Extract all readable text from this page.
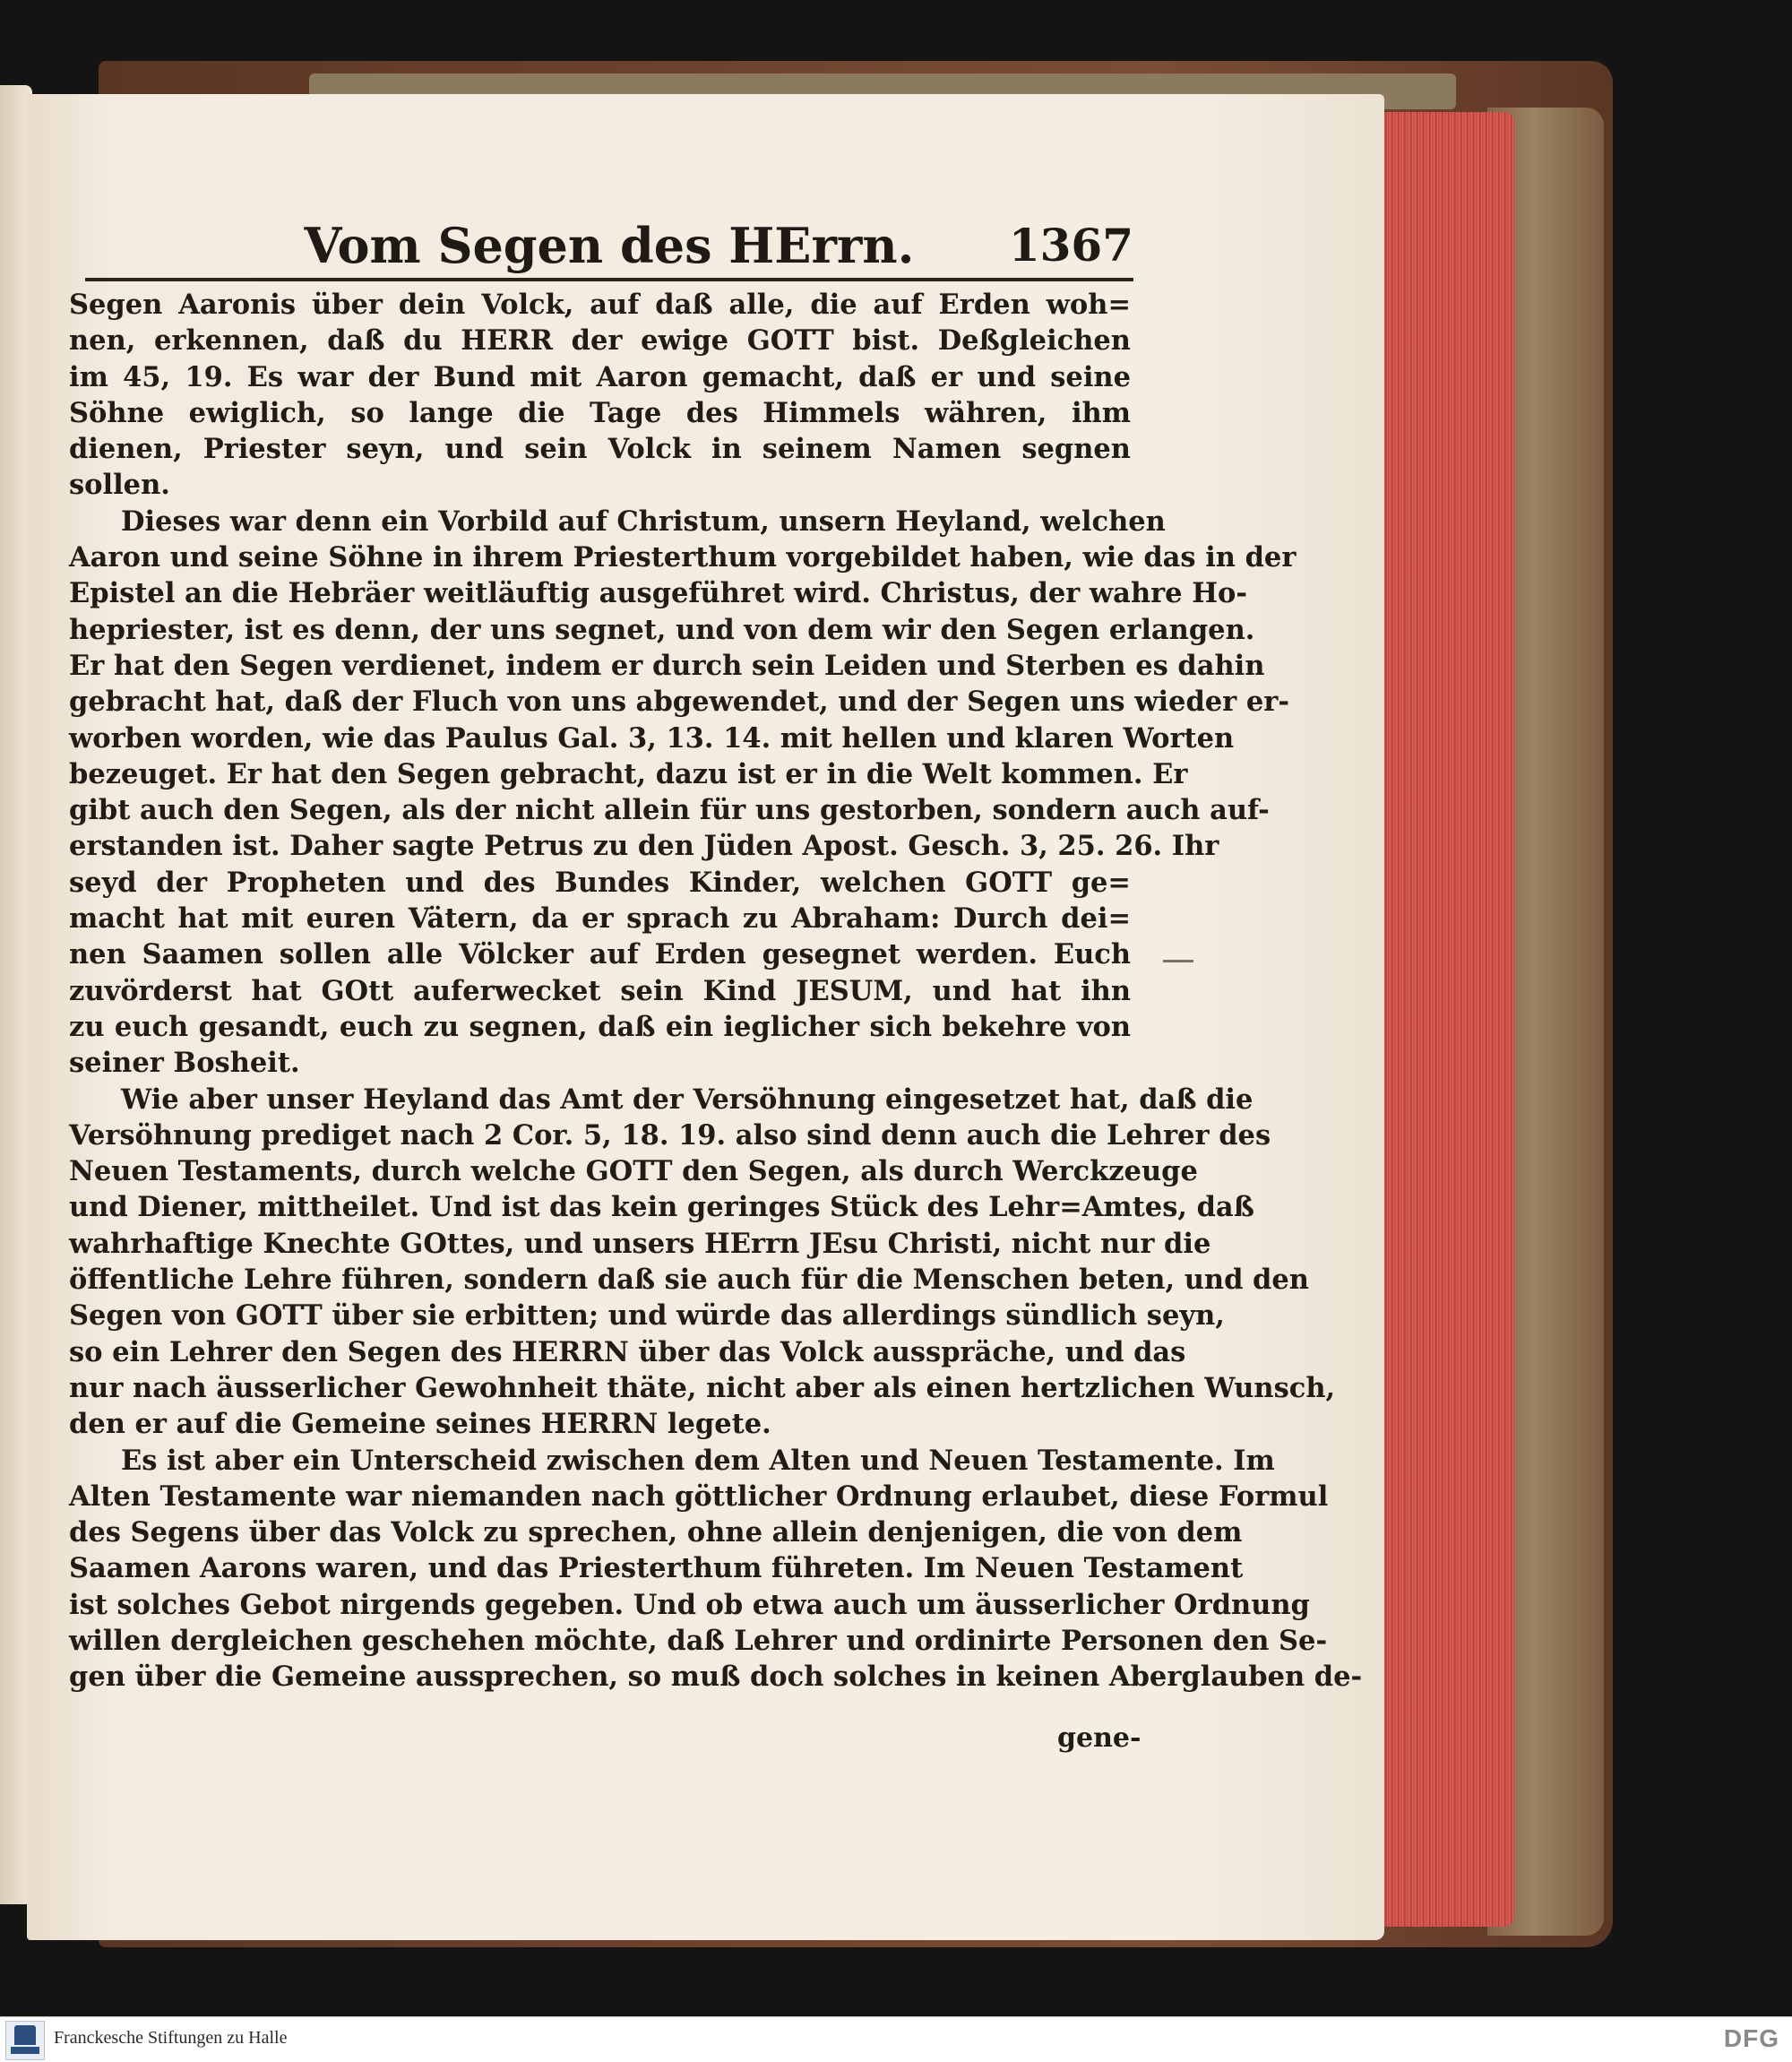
Vom Segen des HErrn.	1367
Segen Aaronis über dein Volck, auf daß alle, die auf Erden woh=
nen, erkennen, daß du HERR der ewige GOTT bist. Deßgleichen
im 45, 19. Es war der Bund mit Aaron gemacht, daß er und seine
Söhne ewiglich, so lange die Tage des Himmels währen, ihm
dienen, Priester seyn, und sein Volck in seinem Namen segnen
sollen.
Dieses war denn ein Vorbild auf Christum, unsern Heyland, welchen
Aaron und seine Söhne in ihrem Priesterthum vorgebildet haben, wie das in der
Epistel an die Hebräer weitläuftig ausgeführet wird. Christus, der wahre Ho-
hepriester, ist es denn, der uns segnet, und von dem wir den Segen erlangen.
Er hat den Segen verdienet, indem er durch sein Leiden und Sterben es dahin
gebracht hat, daß der Fluch von uns abgewendet, und der Segen uns wieder er-
worben worden, wie das Paulus Gal. 3, 13. 14. mit hellen und klaren Worten
bezeuget. Er hat den Segen gebracht, dazu ist er in die Welt kommen. Er
gibt auch den Segen, als der nicht allein für uns gestorben, sondern auch auf-
erstanden ist. Daher sagte Petrus zu den Jüden Apost. Gesch. 3, 25. 26. Ihr
seyd der Propheten und des Bundes Kinder, welchen GOTT ge=
macht hat mit euren Vätern, da er sprach zu Abraham: Durch dei=
nen Saamen sollen alle Völcker auf Erden gesegnet werden. Euch
zuvörderst hat GOtt auferwecket sein Kind JESUM, und hat ihn
zu euch gesandt, euch zu segnen, daß ein ieglicher sich bekehre von
seiner Bosheit.
Wie aber unser Heyland das Amt der Versöhnung eingesetzet hat, daß die
Versöhnung prediget nach 2 Cor. 5, 18. 19. also sind denn auch die Lehrer des
Neuen Testaments, durch welche GOTT den Segen, als durch Werckzeuge
und Diener, mittheilet. Und ist das kein geringes Stück des Lehr=Amtes, daß
wahrhaftige Knechte GOttes, und unsers HErrn JEsu Christi, nicht nur die
öffentliche Lehre führen, sondern daß sie auch für die Menschen beten, und den
Segen von GOTT über sie erbitten; und würde das allerdings sündlich seyn,
so ein Lehrer den Segen des HERRN über das Volck ausspräche, und das
nur nach äusserlicher Gewohnheit thäte, nicht aber als einen hertzlichen Wunsch,
den er auf die Gemeine seines HERRN legete.
Es ist aber ein Unterscheid zwischen dem Alten und Neuen Testamente. Im
Alten Testamente war niemanden nach göttlicher Ordnung erlaubet, diese Formul
des Segens über das Volck zu sprechen, ohne allein denjenigen, die von dem
Saamen Aarons waren, und das Priesterthum führeten. Im Neuen Testament
ist solches Gebot nirgends gegeben. Und ob etwa auch um äusserlicher Ordnung
willen dergleichen geschehen möchte, daß Lehrer und ordinirte Personen den Se-
gen über die Gemeine aussprechen, so muß doch solches in keinen Aberglauben de-
gene-
Franckesche Stiftungen zu Halle	DFG
